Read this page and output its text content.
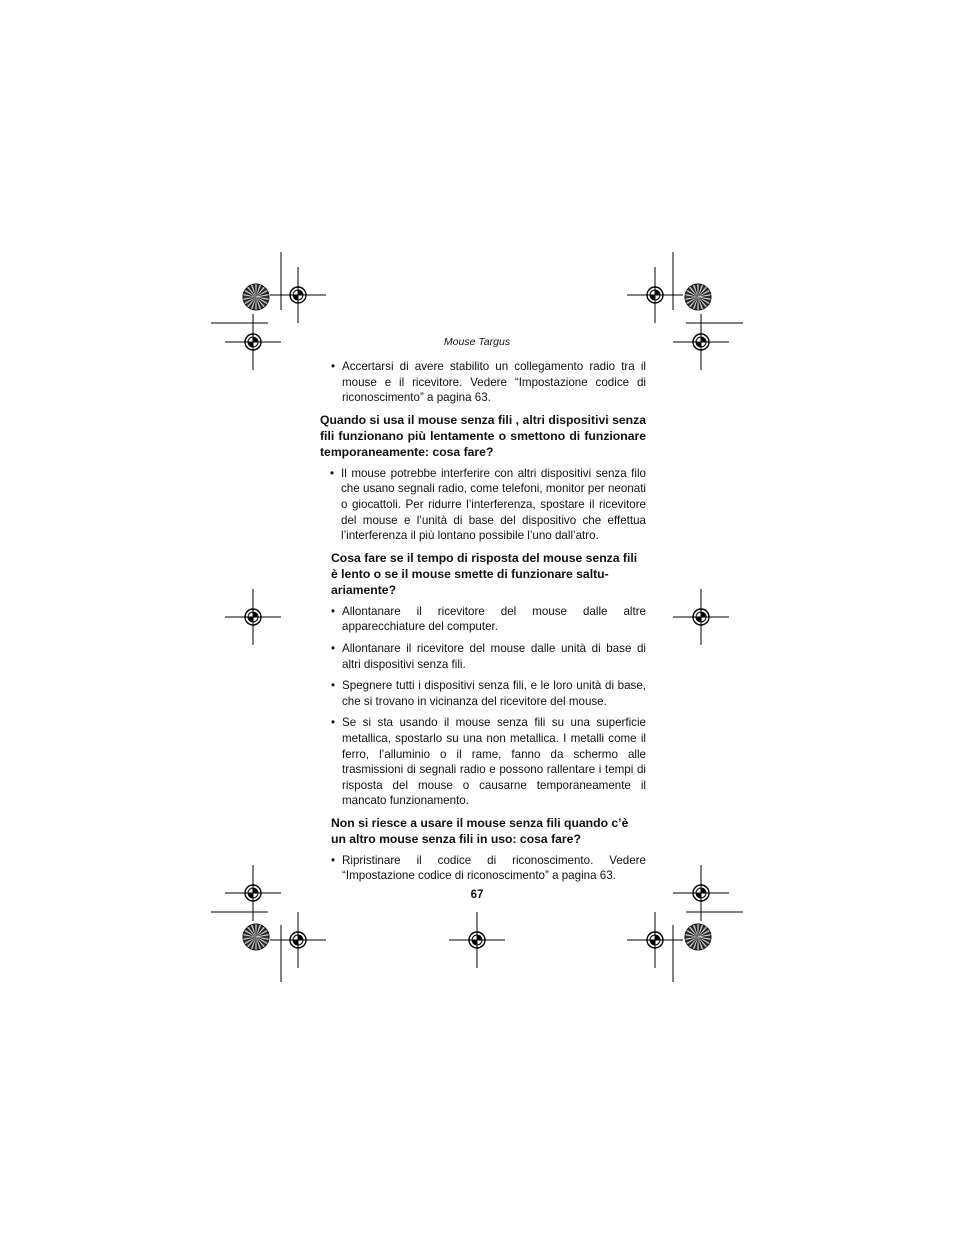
Mouse Targus
• Accertarsi di avere stabilito un collegamento radio tra il mouse e il ricevitore. Vedere “Impostazione codice di riconoscimento” a pagina 63.
Quando si usa il mouse senza fili , altri dispositivi senza fili funzionano più lentamente o smettono di funzionare temporaneamente: cosa fare?
• Il mouse potrebbe interferire con altri dispositivi senza filo che usano segnali radio, come telefoni, monitor per neonati o giocattoli. Per ridurre l’interferenza, spostare il ricevitore del mouse e l’unità di base del dispositivo che effettua l’interferenza il più lontano possibile l’uno dall’atro.
Cosa fare se il tempo di risposta del mouse senza fili è lento o se il mouse smette di funzionare saltu-ariamente?
• Allontanare il ricevitore del mouse dalle altre apparecchiature del computer.
• Allontanare il ricevitore del mouse dalle unità di base di altri dispositivi senza fili.
• Spegnere tutti i dispositivi senza fili, e le loro unità di base, che si trovano in vicinanza del ricevitore del mouse.
• Se si sta usando il mouse senza fili su una superficie metallica, spostarlo su una non metallica. I metalli come il ferro, l’alluminio o il rame, fanno da schermo alle trasmissioni di segnali radio e possono rallentare i tempi di risposta del mouse o causarne temporaneamente il mancato funzionamento.
Non si riesce a usare il mouse senza fili quando c’è un altro mouse senza fili in uso: cosa fare?
• Ripristinare il codice di riconoscimento. Vedere “Impostazione codice di riconoscimento” a pagina 63.
67
